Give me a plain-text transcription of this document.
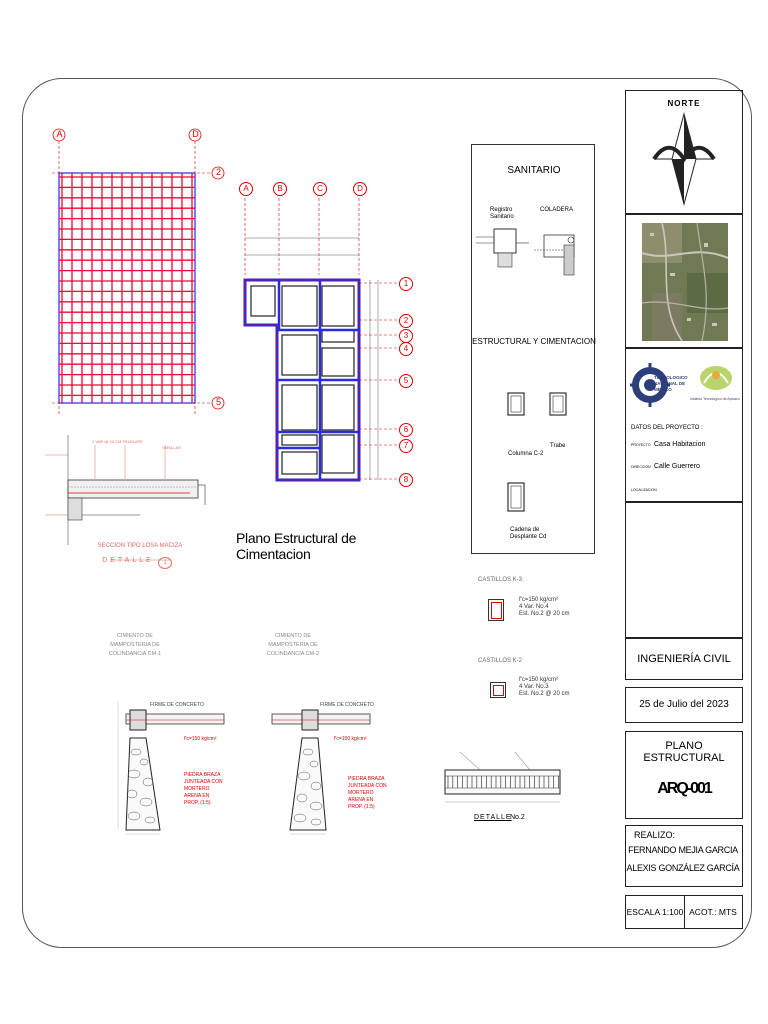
A	D
2
5
1 VAR @ 20 CM TRASLAPE
VARILLAS
SECCION TIPO LOSA MACIZA
DETALLE	1
A	B	C	D
1
2
3
4
5
6
7
8
Plano Estructural de Cimentacion
SANITARIO
Registro Sanitario
COLADERA
ESTRUCTURAL Y CIMENTACION
Columna C-2
Trabe
Cadena de Desplante Cd
CASTILLOS K-3
f'c=150 kg/cm²
4 Var. No.4
Est. No.2 @ 20 cm
CASTILLOS K-2
f'c=150 kg/cm²
4 Var. No.3
Est. No.2 @ 20 cm
CIMIENTO DE MAMPOSTERIA DE COLINDANCIA CM-1
FIRME DE CONCRETO
f'c=150 kg/cm²
PIEDRA BRAZA JUNTEADA CON MORTERO ARENA EN PROP. (1:5)
CIMIENTO DE MAMPOSTERIA DE COLINDANCIA CM-2
FIRME DE CONCRETO
f'c=150 kg/cm²
PIEDRA BRAZA JUNTEADA CON MORTERO ARENA EN PROP. (1:5)
DETALLE
No.2
NORTE
TECNOLOGICO NACIONAL DE MEXICO
Instituto Tecnologico de Apizaco
DATOS DEL PROYECTO :
PROYECTO Casa Habitacion
DIRECCION Calle Guerrero
LOCALIZACION
INGENIERÍA CIVIL
25 de Julio del 2023
PLANO ESTRUCTURAL
ARQ-001
REALIZO:
FERNANDO MEJIA GARCIA
ALEXIS GONZÁLEZ GARCÍA
ESCALA 1:100 ACOT.: MTS
